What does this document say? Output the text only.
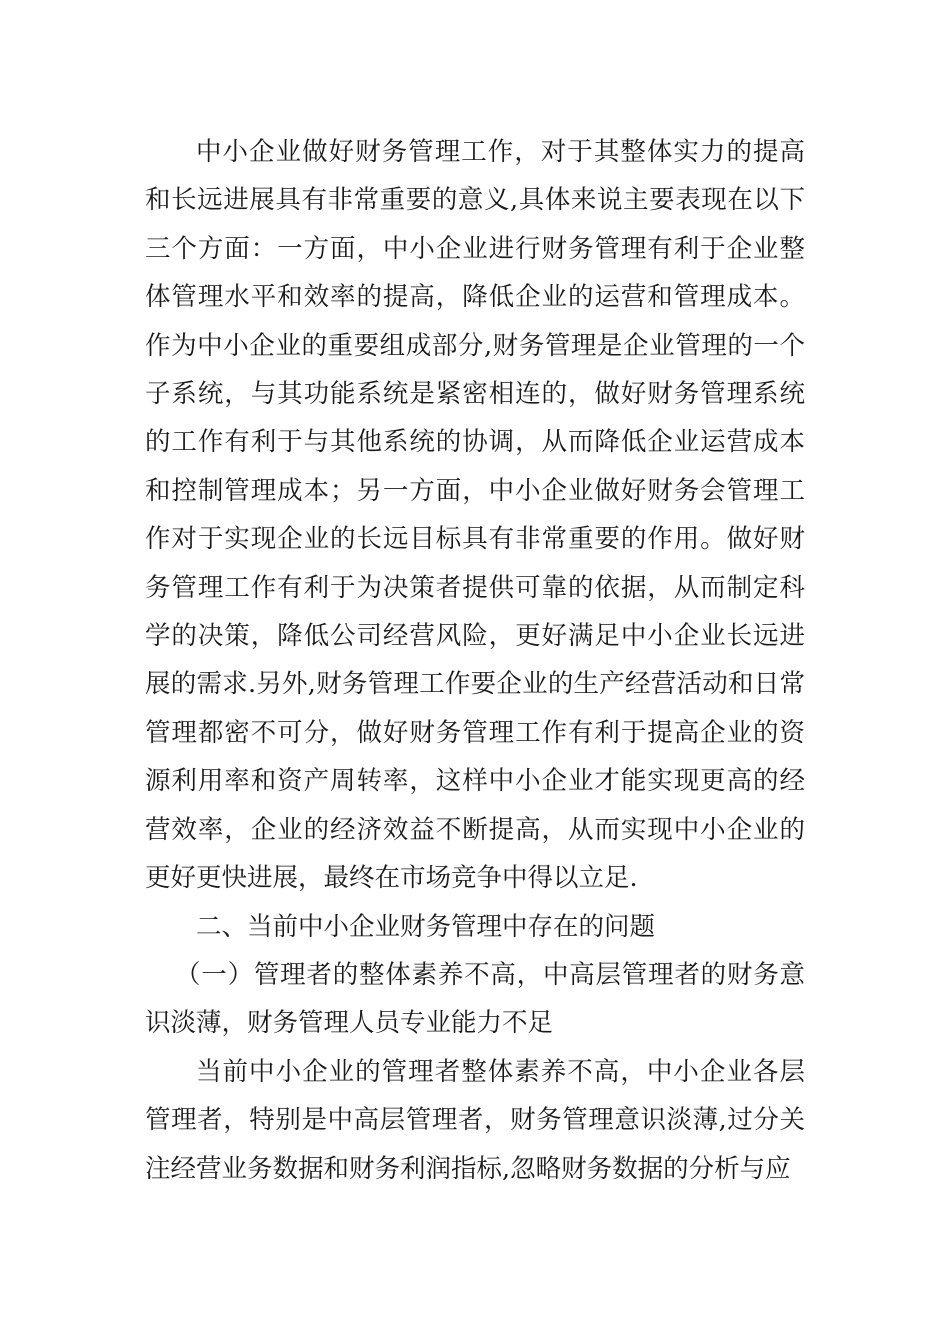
中小企业做好财务管理工作，对于其整体实力的提高和长远进展具有非常重要的意义,具体来说主要表现在以下三个方面：一方面，中小企业进行财务管理有利于企业整体管理水平和效率的提高，降低企业的运营和管理成本。作为中小企业的重要组成部分,财务管理是企业管理的一个子系统，与其功能系统是紧密相连的，做好财务管理系统的工作有利于与其他系统的协调，从而降低企业运营成本和控制管理成本；另一方面，中小企业做好财务会管理工作对于实现企业的长远目标具有非常重要的作用。做好财务管理工作有利于为决策者提供可靠的依据，从而制定科学的决策，降低公司经营风险，更好满足中小企业长远进展的需求.另外,财务管理工作要企业的生产经营活动和日常管理都密不可分，做好财务管理工作有利于提高企业的资源利用率和资产周转率，这样中小企业才能实现更高的经营效率，企业的经济效益不断提高，从而实现中小企业的更好更快进展，最终在市场竞争中得以立足.

二、当前中小企业财务管理中存在的问题

（一）管理者的整体素养不高，中高层管理者的财务意识淡薄，财务管理人员专业能力不足

当前中小企业的管理者整体素养不高，中小企业各层管理者，特别是中高层管理者，财务管理意识淡薄,过分关注经营业务数据和财务利润指标,忽略财务数据的分析与应
